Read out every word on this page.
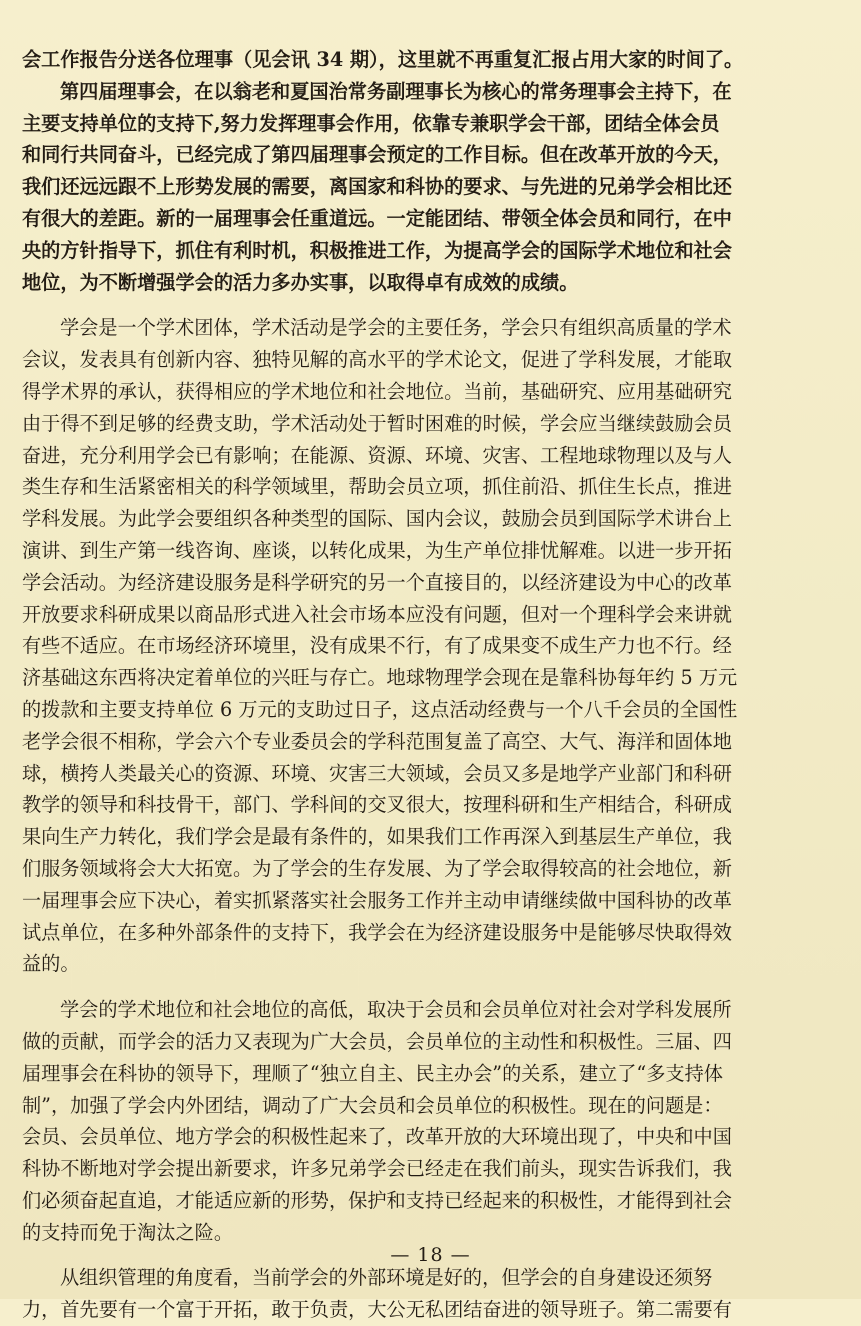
会工作报告分送各位理事（见会讯 34 期），这里就不再重复汇报占用大家的时间了。
第四届理事会，在以翁老和夏国治常务副理事长为核心的常务理事会主持下，在
主要支持单位的支持下,努力发挥理事会作用，依靠专兼职学会干部，团结全体会员
和同行共同奋斗，已经完成了第四届理事会预定的工作目标。但在改革开放的今天，
我们还远远跟不上形势发展的需要，离国家和科协的要求、与先进的兄弟学会相比还
有很大的差距。新的一届理事会任重道远。一定能团结、带领全体会员和同行，在中
央的方针指导下，抓住有利时机，积极推进工作，为提高学会的国际学术地位和社会
地位，为不断增强学会的活力多办实事，以取得卓有成效的成绩。
学会是一个学术团体，学术活动是学会的主要任务，学会只有组织高质量的学术
会议，发表具有创新内容、独特见解的高水平的学术论文，促进了学科发展，才能取
得学术界的承认，获得相应的学术地位和社会地位。当前，基础研究、应用基础研究
由于得不到足够的经费支助，学术活动处于暂时困难的时候，学会应当继续鼓励会员
奋进，充分利用学会已有影响；在能源、资源、环境、灾害、工程地球物理以及与人
类生存和生活紧密相关的科学领域里，帮助会员立项，抓住前沿、抓住生长点，推进
学科发展。为此学会要组织各种类型的国际、国内会议，鼓励会员到国际学术讲台上
演讲、到生产第一线咨询、座谈，以转化成果，为生产单位排忧解难。以进一步开拓
学会活动。为经济建设服务是科学研究的另一个直接目的，以经济建设为中心的改革
开放要求科研成果以商品形式进入社会市场本应没有问题，但对一个理科学会来讲就
有些不适应。在市场经济环境里，没有成果不行，有了成果变不成生产力也不行。经
济基础这东西将决定着单位的兴旺与存亡。地球物理学会现在是靠科协每年约 5 万元
的拨款和主要支持单位 6 万元的支助过日子，这点活动经费与一个八千会员的全国性
老学会很不相称，学会六个专业委员会的学科范围复盖了高空、大气、海洋和固体地
球，横挎人类最关心的资源、环境、灾害三大领域，会员又多是地学产业部门和科研
教学的领导和科技骨干，部门、学科间的交叉很大，按理科研和生产相结合，科研成
果向生产力转化，我们学会是最有条件的，如果我们工作再深入到基层生产单位，我
们服务领域将会大大拓宽。为了学会的生存发展、为了学会取得较高的社会地位，新
一届理事会应下决心，着实抓紧落实社会服务工作并主动申请继续做中国科协的改革
试点单位，在多种外部条件的支持下，我学会在为经济建设服务中是能够尽快取得效
益的。
学会的学术地位和社会地位的高低，取决于会员和会员单位对社会对学科发展所
做的贡献，而学会的活力又表现为广大会员，会员单位的主动性和积极性。三届、四
届理事会在科协的领导下，理顺了“独立自主、民主办会”的关系，建立了“多支持体
制”，加强了学会内外团结，调动了广大会员和会员单位的积极性。现在的问题是：
会员、会员单位、地方学会的积极性起来了，改革开放的大环境出现了，中央和中国
科协不断地对学会提出新要求，许多兄弟学会已经走在我们前头，现实告诉我们，我
们必须奋起直追，才能适应新的形势，保护和支持已经起来的积极性，才能得到社会
的支持而免于淘汰之险。
从组织管理的角度看，当前学会的外部环境是好的，但学会的自身建设还须努
力，首先要有一个富于开拓，敢于负责，大公无私团结奋进的领导班子。第二需要有
— 18 —
